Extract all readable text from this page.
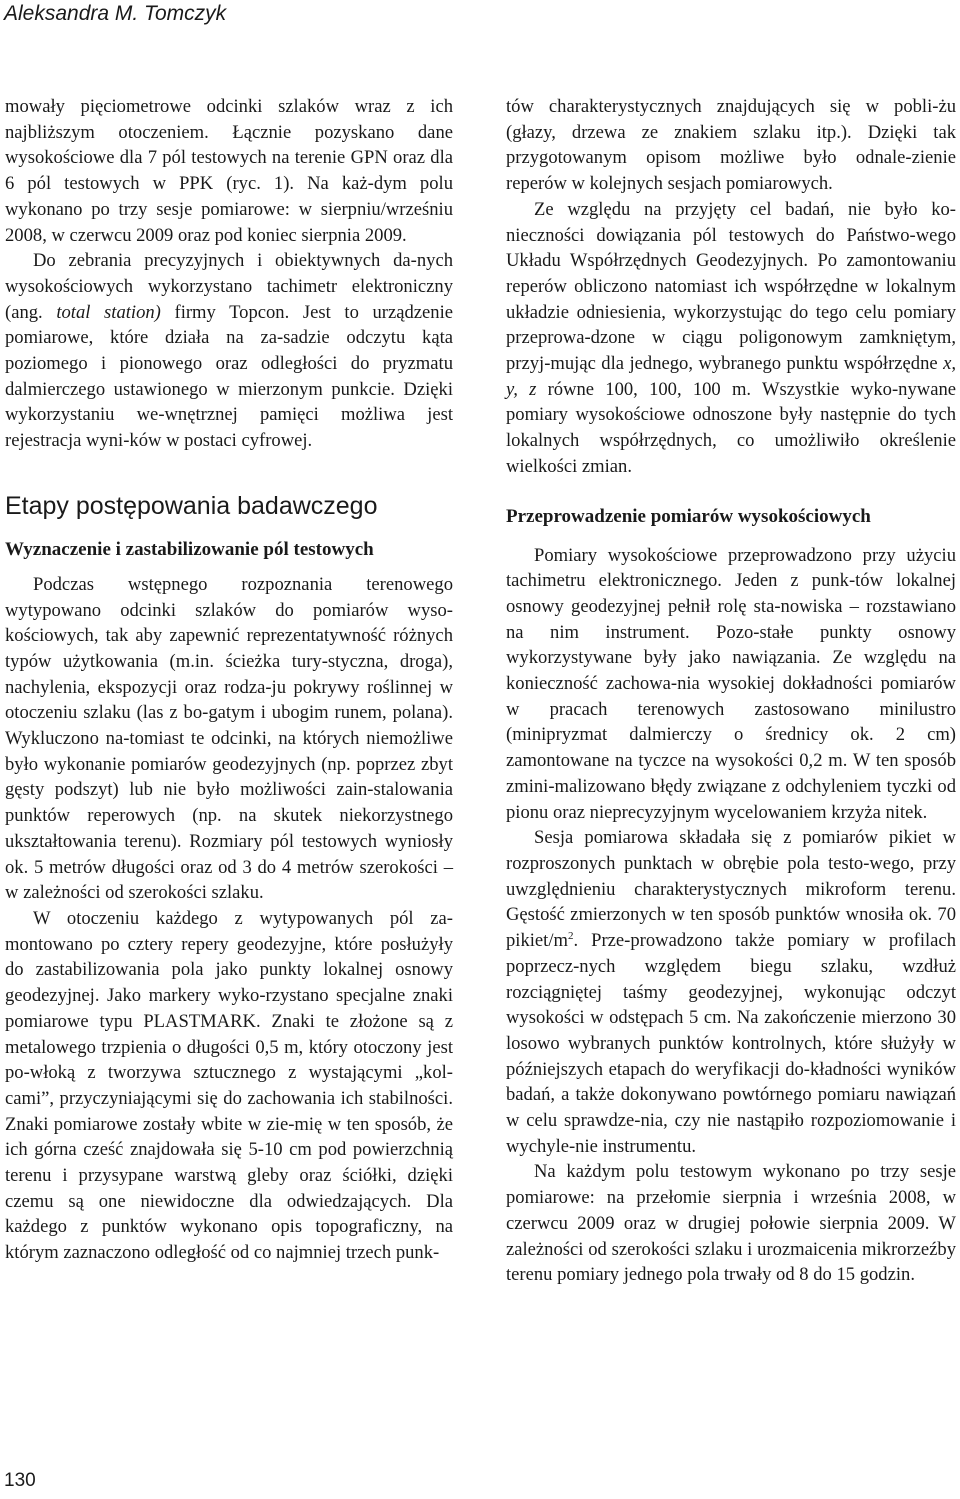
Aleksandra M. Tomczyk

mowały pięciometrowe odcinki szlaków wraz z ich najbliższym otoczeniem. Łącznie pozyskano dane wysokościowe dla 7 pól testowych na terenie GPN oraz dla 6 pól testowych w PPK (ryc. 1). Na każ-dym polu wykonano po trzy sesje pomiarowe: w sierpniu/wrześniu 2008, w czerwcu 2009 oraz pod koniec sierpnia 2009.

Do zebrania precyzyjnych i obiektywnych da-nych wysokościowych wykorzystano tachimetr elektroniczny (ang. total station) firmy Topcon. Jest to urządzenie pomiarowe, które działa na za-sadzie odczytu kąta poziomego i pionowego oraz odległości do pryzmatu dalmierczego ustawionego w mierzonym punkcie. Dzięki wykorzystaniu we-wnętrznej pamięci możliwa jest rejestracja wyni-ków w postaci cyfrowej.

Etapy postępowania badawczego
Wyznaczenie i zastabilizowanie pól testowych

Podczas wstępnego rozpoznania terenowego wytypowano odcinki szlaków do pomiarów wyso-kościowych, tak aby zapewnić reprezentatywność różnych typów użytkowania (m.in. ścieżka tury-styczna, droga), nachylenia, ekspozycji oraz rodza-ju pokrywy roślinnej w otoczeniu szlaku (las z bo-gatym i ubogim runem, polana). Wykluczono na-tomiast te odcinki, na których niemożliwe było wykonanie pomiarów geodezyjnych (np. poprzez zbyt gęsty podszyt) lub nie było możliwości zain-stalowania punktów reperowych (np. na skutek niekorzystnego ukształtowania terenu). Rozmiary pól testowych wyniosły ok. 5 metrów długości oraz od 3 do 4 metrów szerokości – w zależności od szerokości szlaku.

W otoczeniu każdego z wytypowanych pól za-montowano po cztery repery geodezyjne, które posłużyły do zastabilizowania pola jako punkty lokalnej osnowy geodezyjnej. Jako markery wyko-rzystano specjalne znaki pomiarowe typu PLASTMARK. Znaki te złożone są z metalowego trzpienia o długości 0,5 m, który otoczony jest po-włoką z tworzywa sztucznego z wystającymi „kol-cami”, przyczyniającymi się do zachowania ich stabilności. Znaki pomiarowe zostały wbite w zie-mię w ten sposób, że ich górna cześć znajdowała się 5-10 cm pod powierzchnią terenu i przysypane warstwą gleby oraz ściółki, dzięki czemu są one niewidoczne dla odwiedzających. Dla każdego z punktów wykonano opis topograficzny, na którym zaznaczono odległość od co najmniej trzech punk-

tów charakterystycznych znajdujących się w pobli-żu (głazy, drzewa ze znakiem szlaku itp.). Dzięki tak przygotowanym opisom możliwe było odnale-zienie reperów w kolejnych sesjach pomiarowych.

Ze względu na przyjęty cel badań, nie było ko-nieczności dowiązania pól testowych do Państwo-wego Układu Współrzędnych Geodezyjnych. Po zamontowaniu reperów obliczono natomiast ich współrzędne w lokalnym układzie odniesienia, wykorzystując do tego celu pomiary przeprowa-dzone w ciągu poligonowym zamkniętym, przyj-mując dla jednego, wybranego punktu współrzędne x, y, z równe 100, 100, 100 m. Wszystkie wyko-nywane pomiary wysokościowe odnoszone były następnie do tych lokalnych współrzędnych, co umożliwiło określenie wielkości zmian.

Przeprowadzenie pomiarów wysokościowych

Pomiary wysokościowe przeprowadzono przy użyciu tachimetru elektronicznego. Jeden z punk-tów lokalnej osnowy geodezyjnej pełnił rolę sta-nowiska – rozstawiano na nim instrument. Pozo-stałe punkty osnowy wykorzystywane były jako nawiązania. Ze względu na konieczność zachowa-nia wysokiej dokładności pomiarów w pracach terenowych zastosowano minilustro (minipryzmat dalmierczy o średnicy ok. 2 cm) zamontowane na tyczce na wysokości 0,2 m. W ten sposób zmini-malizowano błędy związane z odchyleniem tyczki od pionu oraz nieprecyzyjnym wycelowaniem krzyża nitek.

Sesja pomiarowa składała się z pomiarów pikiet w rozproszonych punktach w obrębie pola testo-wego, przy uwzględnieniu charakterystycznych mikroform terenu. Gęstość zmierzonych w ten sposób punktów wnosiła ok. 70 pikiet/$m^2$. Prze-prowadzono także pomiary w profilach poprzecz-nych względem biegu szlaku, wzdłuż rozciągniętej taśmy geodezyjnej, wykonując odczyt wysokości w odstępach 5 cm. Na zakończenie mierzono 30 losowo wybranych punktów kontrolnych, które służyły w późniejszych etapach do weryfikacji do-kładności wyników badań, a także dokonywano powtórnego pomiaru nawiązań w celu sprawdze-nia, czy nie nastąpiło rozpoziomowanie i wychyle-nie instrumentu.

Na każdym polu testowym wykonano po trzy sesje pomiarowe: na przełomie sierpnia i września 2008, w czerwcu 2009 oraz w drugiej połowie sierpnia 2009. W zależności od szerokości szlaku i urozmaicenia mikrorzeźby terenu pomiary jednego pola trwały od 8 do 15 godzin.

130
